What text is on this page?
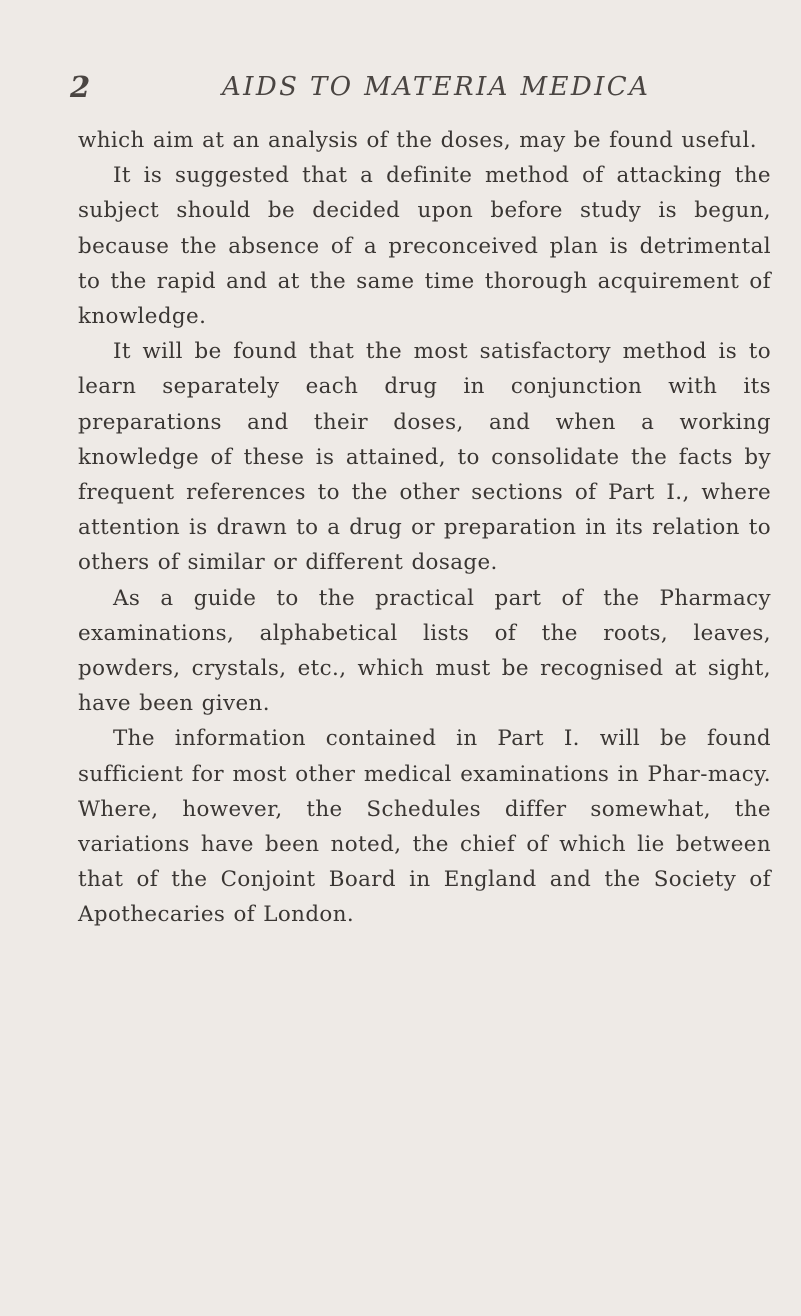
2	AIDS TO MATERIA MEDICA

which aim at an analysis of the doses, may be found useful.

It is suggested that a definite method of attacking the subject should be decided upon before study is begun, because the absence of a preconceived plan is detrimental to the rapid and at the same time thorough acquirement of knowledge.

It will be found that the most satisfactory method is to learn separately each drug in conjunction with its preparations and their doses, and when a working knowledge of these is attained, to consolidate the facts by frequent references to the other sections of Part I., where attention is drawn to a drug or preparation in its relation to others of similar or different dosage.

As a guide to the practical part of the Pharmacy examinations, alphabetical lists of the roots, leaves, powders, crystals, etc., which must be recognised at sight, have been given.

The information contained in Part I. will be found sufficient for most other medical examinations in Phar-macy. Where, however, the Schedules differ somewhat, the variations have been noted, the chief of which lie between that of the Conjoint Board in England and the Society of Apothecaries of London.
